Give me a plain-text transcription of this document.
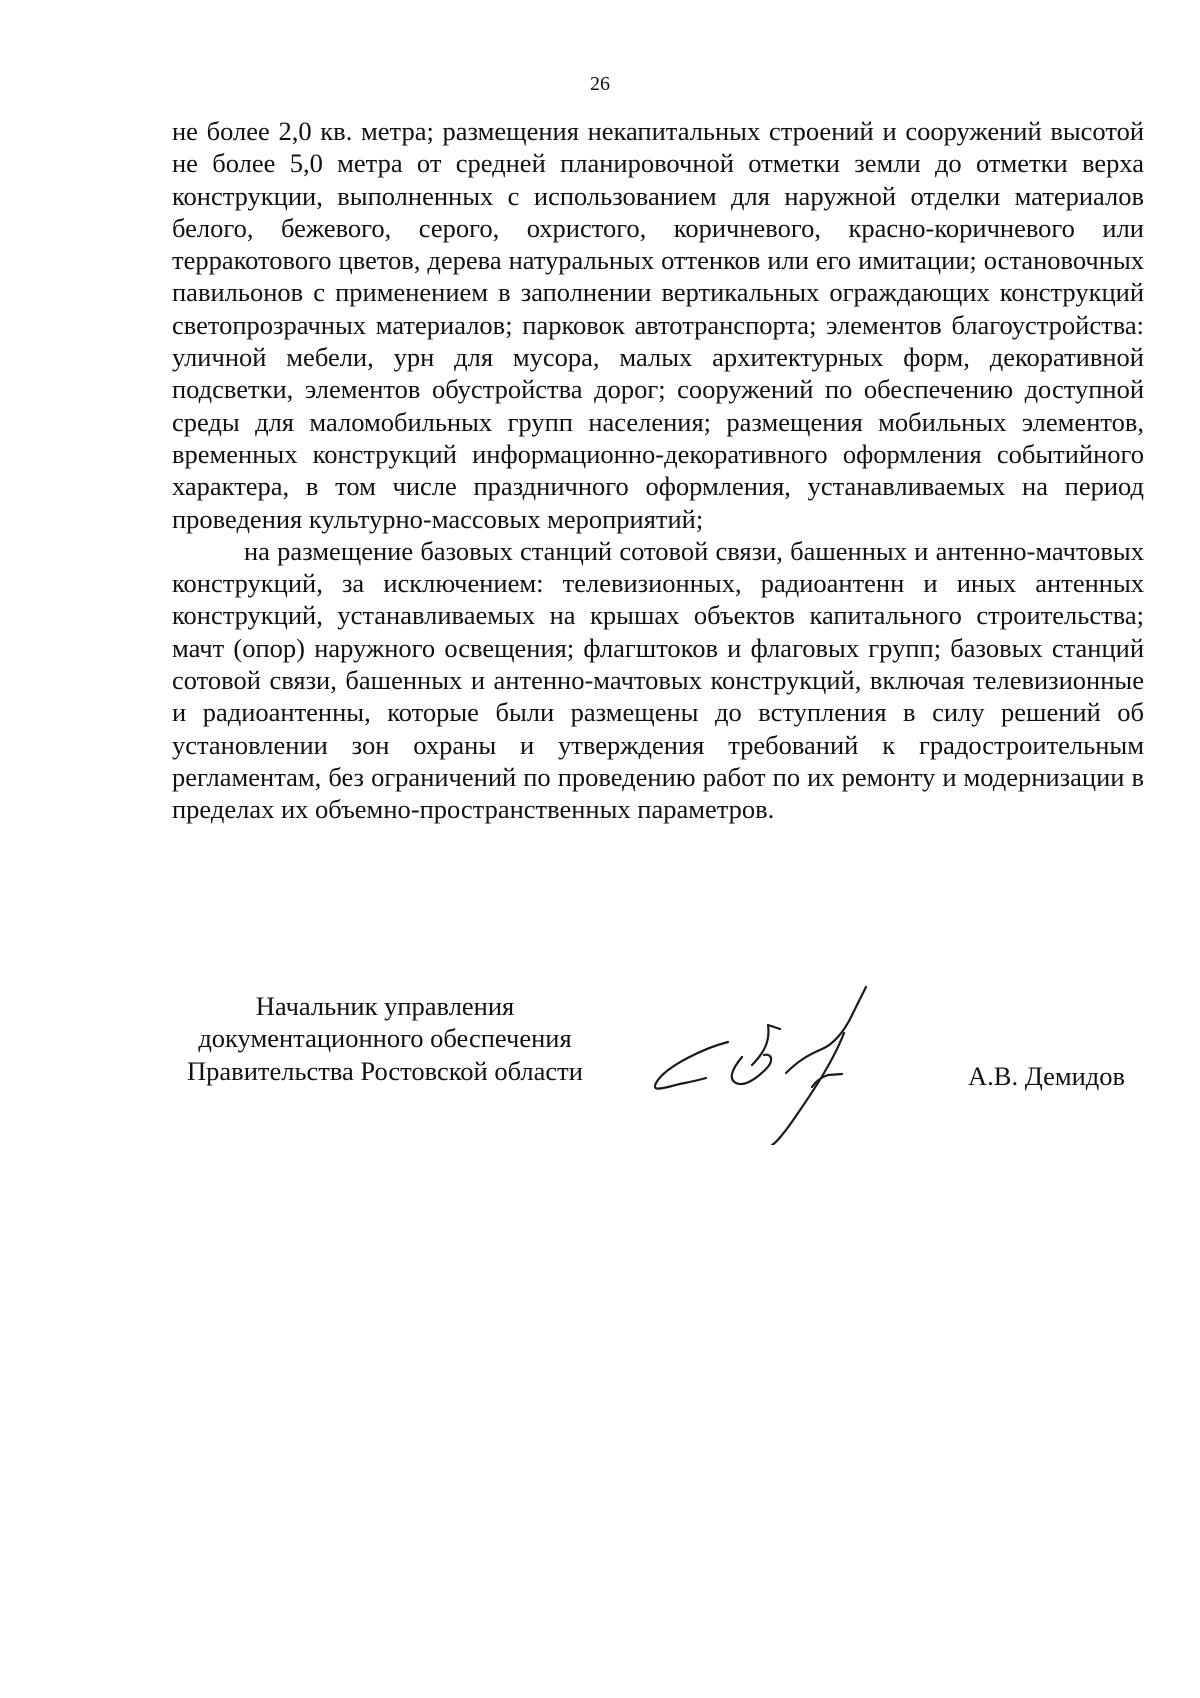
26

не более 2,0 кв. метра; размещения некапитальных строений и сооружений высотой не более 5,0 метра от средней планировочной отметки земли до отметки верха конструкции, выполненных с использованием для наружной отделки материалов белого, бежевого, серого, охристого, коричневого, красно-коричневого или терракотового цветов, дерева натуральных оттенков или его имитации; остановочных павильонов с применением в заполнении вертикальных ограждающих конструкций светопрозрачных материалов; парковок автотранспорта; элементов благоустройства: уличной мебели, урн для мусора, малых архитектурных форм, декоративной подсветки, элементов обустройства дорог; сооружений по обеспечению доступной среды для маломобильных групп населения; размещения мобильных элементов, временных конструкций информационно-декоративного оформления событийного характера, в том числе праздничного оформления, устанавливаемых на период проведения культурно-массовых мероприятий;

на размещение базовых станций сотовой связи, башенных и антенно-мачтовых конструкций, за исключением: телевизионных, радиоантенн и иных антенных конструкций, устанавливаемых на крышах объектов капитального строительства; мачт (опор) наружного освещения; флагштоков и флаговых групп; базовых станций сотовой связи, башенных и антенно-мачтовых конструкций, включая телевизионные и радиоантенны, которые были размещены до вступления в силу решений об установлении зон охраны и утверждения требований к градостроительным регламентам, без ограничений по проведению работ по их ремонту и модернизации в пределах их объемно-пространственных параметров.

Начальник управления
документационного обеспечения
Правительства Ростовской области	А.В. Демидов
